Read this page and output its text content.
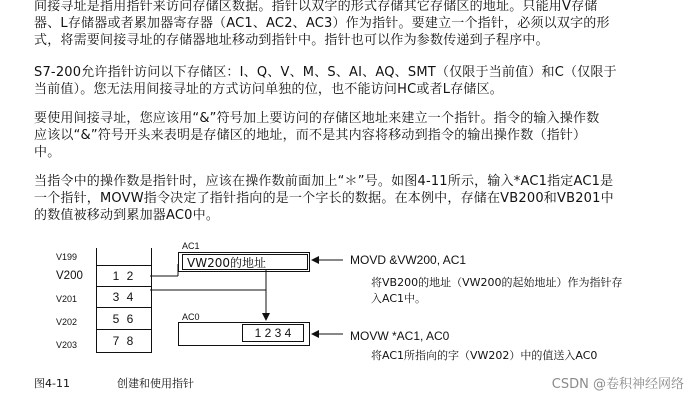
间接寻址是指用指针来访问存储区数据。指针以双字的形式存储其它存储区的地址。只能用V存储
器、L存储器或者累加器寄存器（AC1、AC2、AC3）作为指针。要建立一个指针，必须以双字的形
式，将需要间接寻址的存储器地址移动到指针中。指针也可以作为参数传递到子程序中。
S7-200允许指针访问以下存储区：I、Q、V、M、S、AI、AQ、SMT（仅限于当前值）和C（仅限于
当前值）。您无法用间接寻址的方式访问单独的位，也不能访问HC或者L存储区。
要使用间接寻址，您应该用“&”符号加上要访问的存储区地址来建立一个指针。指令的输入操作数
应该以“&”符号开头来表明是存储区的地址，而不是其内容将移动到指令的输出操作数（指针）
中。
当指令中的操作数是指针时，应该在操作数前面加上“＊”号。如图4-11所示，输入*AC1指定AC1是
一个指针，MOVW指令决定了指针指向的是一个字长的数据。在本例中，存储在VB200和VB201中
的数值被移动到累加器AC0中。
V199
V200
V201
V202
V203
1 2
3 4
5 6
7 8
AC1
VW200的地址
AC0
1 2 3 4
MOVD &VW200, AC1
将VB200的地址（VW200的起始地址）作为指针存
入AC1中。
MOVW *AC1, AC0
将AC1所指向的字（VW202）中的值送入AC0
图4-11	创建和使用指针	CSDN @卷积神经网络
